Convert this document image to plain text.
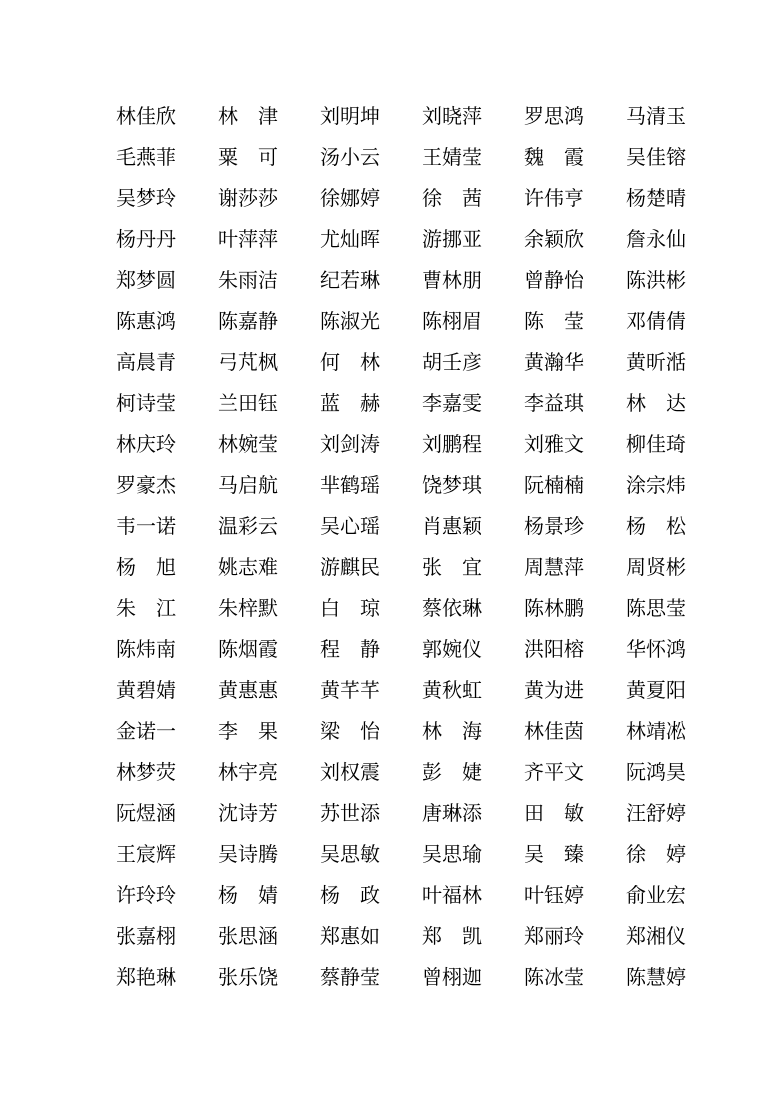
林佳欣	林　津	刘明坤	刘晓萍	罗思鸿	马清玉
毛燕菲	粟　可	汤小云	王婧莹	魏　霞	吴佳镕
吴梦玲	谢莎莎	徐娜婷	徐　茜	许伟亨	杨楚晴
杨丹丹	叶萍萍	尤灿晖	游挪亚	余颖欣	詹永仙
郑梦圆	朱雨洁	纪若琳	曹林朋	曾静怡	陈洪彬
陈惠鸿	陈嘉静	陈淑光	陈栩眉	陈　莹	邓倩倩
高晨青	弓芃枫	何　林	胡壬彦	黄瀚华	黄昕湉
柯诗莹	兰田钰	蓝　赫	李嘉雯	李益琪	林　达
林庆玲	林婉莹	刘剑涛	刘鹏程	刘雅文	柳佳琦
罗豪杰	马启航	芈鹤瑶	饶梦琪	阮楠楠	涂宗炜
韦一诺	温彩云	吴心瑶	肖惠颖	杨景珍	杨　松
杨　旭	姚志难	游麒民	张　宜	周慧萍	周贤彬
朱　江	朱梓默	白　琼	蔡依琳	陈林鹏	陈思莹
陈炜南	陈烟霞	程　静	郭婉仪	洪阳榕	华怀鸿
黄碧婧	黄惠惠	黄芊芊	黄秋虹	黄为进	黄夏阳
金诺一	李　果	梁　怡	林　海	林佳茵	林靖凇
林梦荧	林宇亮	刘权震	彭　婕	齐平文	阮鸿昊
阮煜涵	沈诗芳	苏世添	唐琳添	田　敏	汪舒婷
王宸辉	吴诗腾	吴思敏	吴思瑜	吴　臻	徐　婷
许玲玲	杨　婧	杨　政	叶福林	叶钰婷	俞业宏
张嘉栩	张思涵	郑惠如	郑　凯	郑丽玲	郑湘仪
郑艳琳	张乐饶	蔡静莹	曾栩迦	陈冰莹	陈慧婷
